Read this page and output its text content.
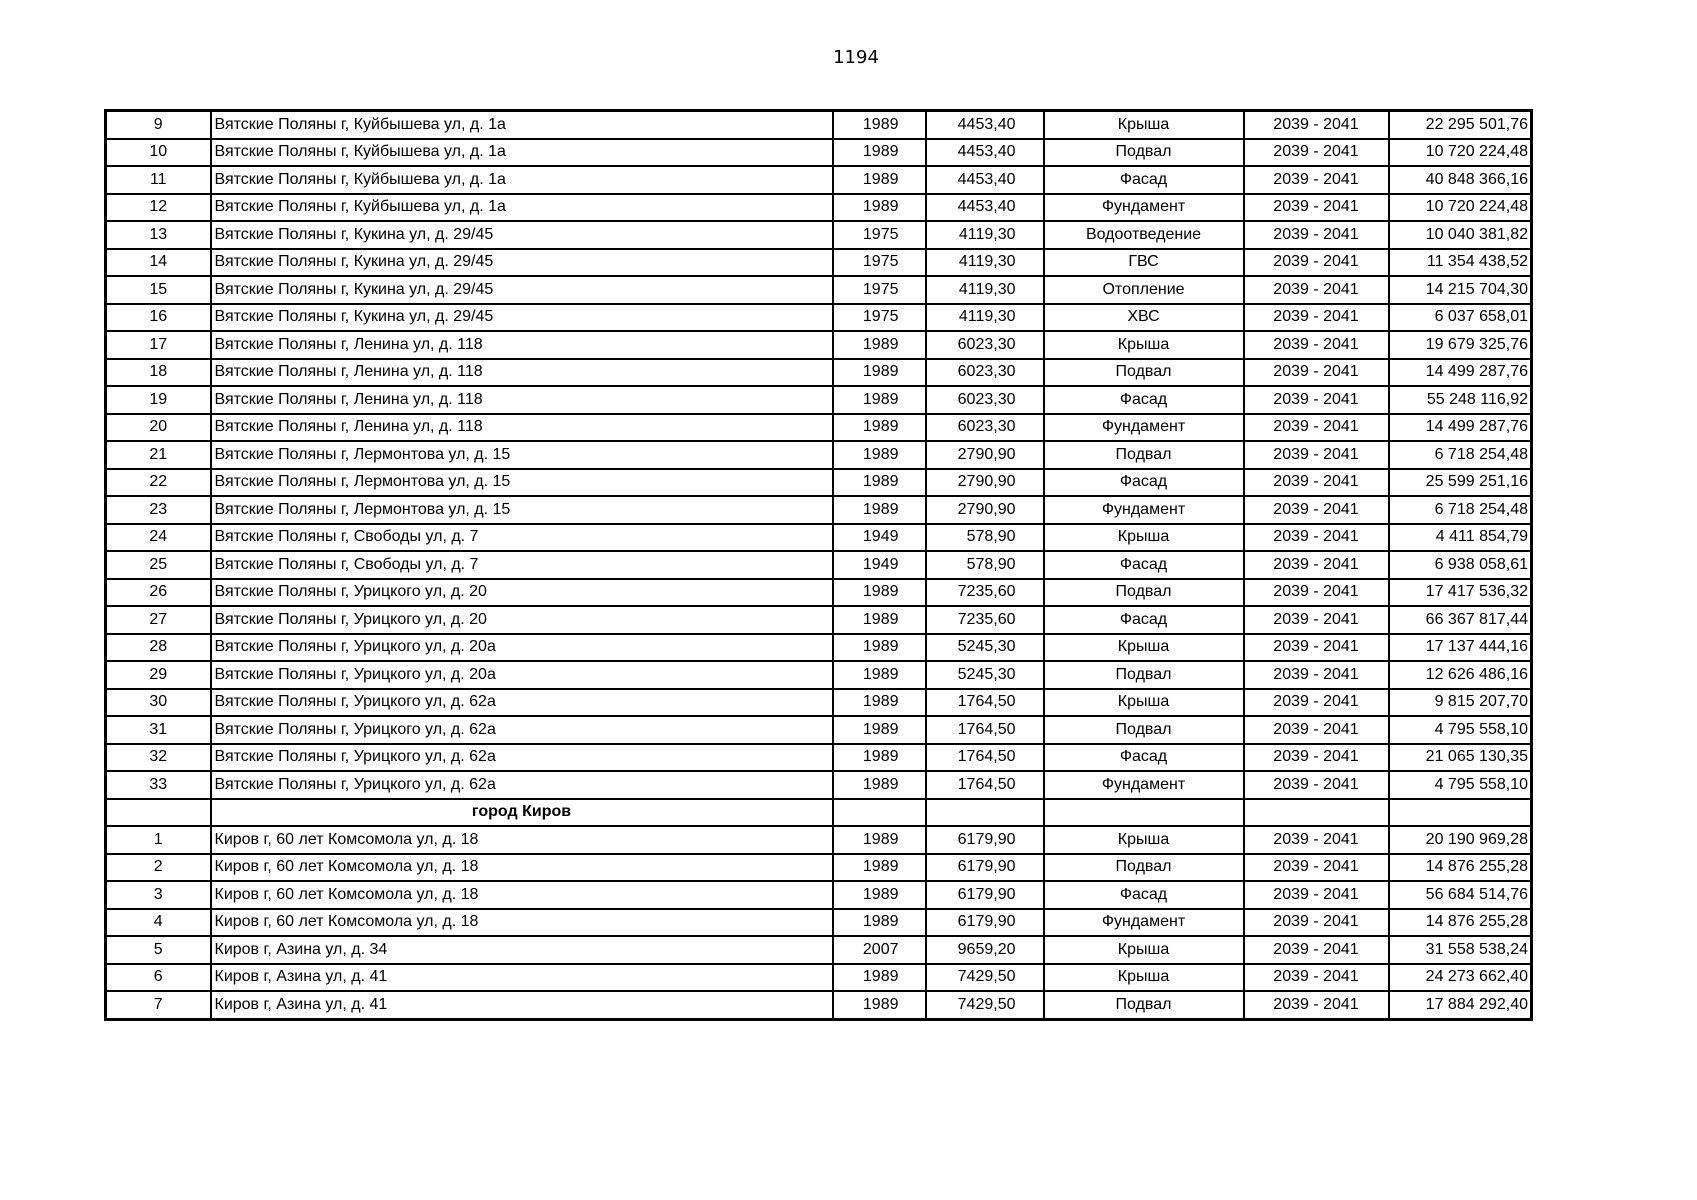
1194
9	Вятские Поляны г, Куйбышева ул, д. 1а	1989	4453,40	Крыша	2039 - 2041	22 295 501,76
10	Вятские Поляны г, Куйбышева ул, д. 1а	1989	4453,40	Подвал	2039 - 2041	10 720 224,48
11	Вятские Поляны г, Куйбышева ул, д. 1а	1989	4453,40	Фасад	2039 - 2041	40 848 366,16
12	Вятские Поляны г, Куйбышева ул, д. 1а	1989	4453,40	Фундамент	2039 - 2041	10 720 224,48
13	Вятские Поляны г, Кукина ул, д. 29/45	1975	4119,30	Водоотведение	2039 - 2041	10 040 381,82
14	Вятские Поляны г, Кукина ул, д. 29/45	1975	4119,30	ГВС	2039 - 2041	11 354 438,52
15	Вятские Поляны г, Кукина ул, д. 29/45	1975	4119,30	Отопление	2039 - 2041	14 215 704,30
16	Вятские Поляны г, Кукина ул, д. 29/45	1975	4119,30	ХВС	2039 - 2041	6 037 658,01
17	Вятские Поляны г, Ленина ул, д. 118	1989	6023,30	Крыша	2039 - 2041	19 679 325,76
18	Вятские Поляны г, Ленина ул, д. 118	1989	6023,30	Подвал	2039 - 2041	14 499 287,76
19	Вятские Поляны г, Ленина ул, д. 118	1989	6023,30	Фасад	2039 - 2041	55 248 116,92
20	Вятские Поляны г, Ленина ул, д. 118	1989	6023,30	Фундамент	2039 - 2041	14 499 287,76
21	Вятские Поляны г, Лермонтова ул, д. 15	1989	2790,90	Подвал	2039 - 2041	6 718 254,48
22	Вятские Поляны г, Лермонтова ул, д. 15	1989	2790,90	Фасад	2039 - 2041	25 599 251,16
23	Вятские Поляны г, Лермонтова ул, д. 15	1989	2790,90	Фундамент	2039 - 2041	6 718 254,48
24	Вятские Поляны г, Свободы ул, д. 7	1949	578,90	Крыша	2039 - 2041	4 411 854,79
25	Вятские Поляны г, Свободы ул, д. 7	1949	578,90	Фасад	2039 - 2041	6 938 058,61
26	Вятские Поляны г, Урицкого ул, д. 20	1989	7235,60	Подвал	2039 - 2041	17 417 536,32
27	Вятские Поляны г, Урицкого ул, д. 20	1989	7235,60	Фасад	2039 - 2041	66 367 817,44
28	Вятские Поляны г, Урицкого ул, д. 20а	1989	5245,30	Крыша	2039 - 2041	17 137 444,16
29	Вятские Поляны г, Урицкого ул, д. 20а	1989	5245,30	Подвал	2039 - 2041	12 626 486,16
30	Вятские Поляны г, Урицкого ул, д. 62а	1989	1764,50	Крыша	2039 - 2041	9 815 207,70
31	Вятские Поляны г, Урицкого ул, д. 62а	1989	1764,50	Подвал	2039 - 2041	4 795 558,10
32	Вятские Поляны г, Урицкого ул, д. 62а	1989	1764,50	Фасад	2039 - 2041	21 065 130,35
33	Вятские Поляны г, Урицкого ул, д. 62а	1989	1764,50	Фундамент	2039 - 2041	4 795 558,10
	город Киров					
1	Киров г, 60 лет Комсомола ул, д. 18	1989	6179,90	Крыша	2039 - 2041	20 190 969,28
2	Киров г, 60 лет Комсомола ул, д. 18	1989	6179,90	Подвал	2039 - 2041	14 876 255,28
3	Киров г, 60 лет Комсомола ул, д. 18	1989	6179,90	Фасад	2039 - 2041	56 684 514,76
4	Киров г, 60 лет Комсомола ул, д. 18	1989	6179,90	Фундамент	2039 - 2041	14 876 255,28
5	Киров г, Азина ул, д. 34	2007	9659,20	Крыша	2039 - 2041	31 558 538,24
6	Киров г, Азина ул, д. 41	1989	7429,50	Крыша	2039 - 2041	24 273 662,40
7	Киров г, Азина ул, д. 41	1989	7429,50	Подвал	2039 - 2041	17 884 292,40
